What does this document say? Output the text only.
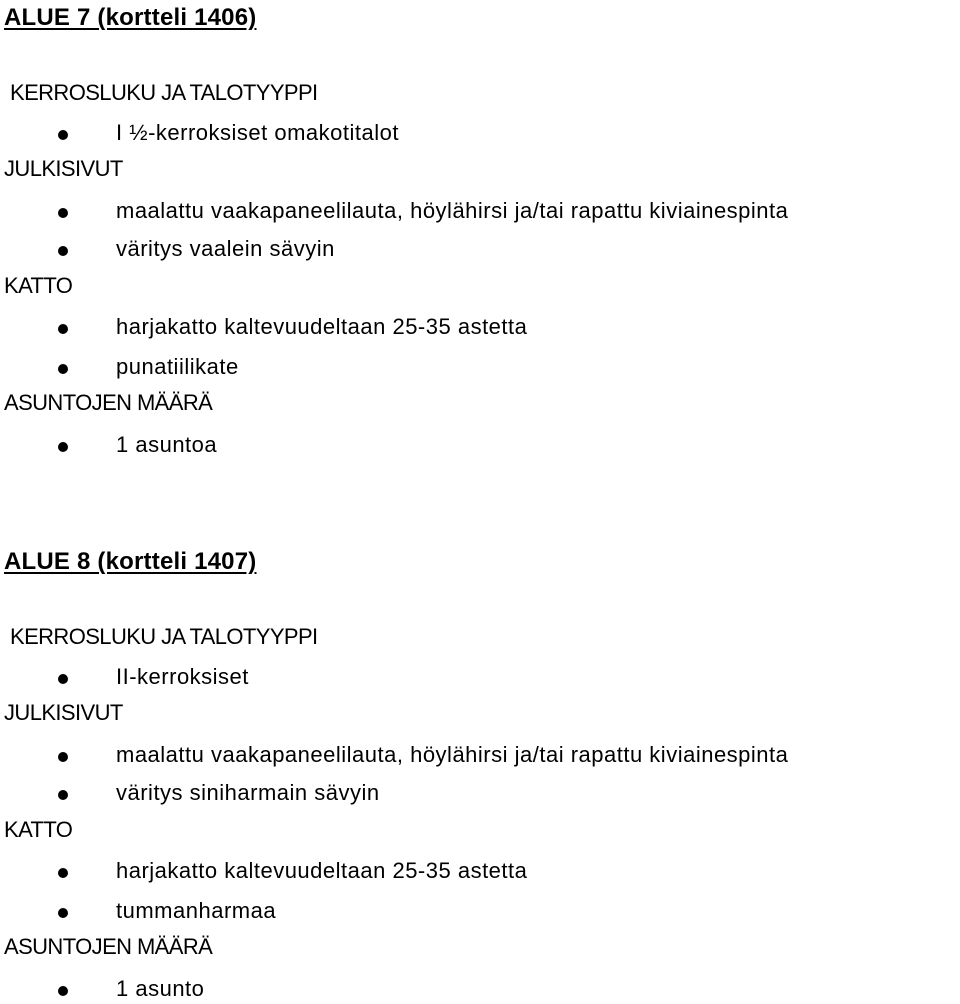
ALUE 7 (kortteli 1406)
KERROSLUKU JA TALOTYYPPI
I ½-kerroksiset omakotitalot
JULKISIVUT
maalattu vaakapaneelilauta, höylähirsi ja/tai rapattu kiviainespinta
väritys vaalein sävyin
KATTO
harjakatto kaltevuudeltaan 25-35 astetta
punatiilikate
ASUNTOJEN MÄÄRÄ
1 asuntoa
ALUE 8 (kortteli 1407)
KERROSLUKU JA TALOTYYPPI
II-kerroksiset
JULKISIVUT
maalattu vaakapaneelilauta, höylähirsi ja/tai rapattu kiviainespinta
väritys siniharmain sävyin
KATTO
harjakatto kaltevuudeltaan 25-35 astetta
tummanharmaa
ASUNTOJEN MÄÄRÄ
1 asunto
